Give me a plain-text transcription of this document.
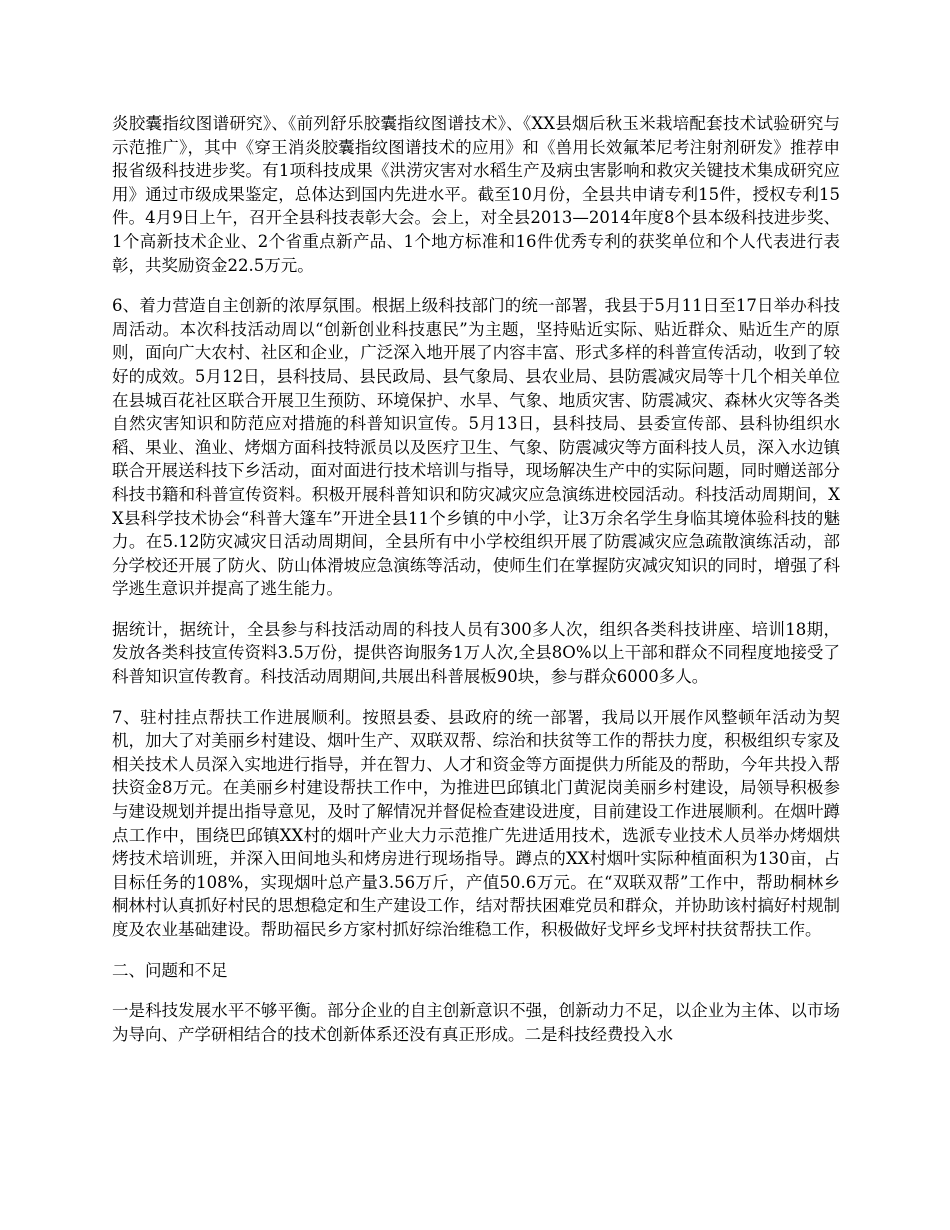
炎胶囊指纹图谱研究》、《前列舒乐胶囊指纹图谱技术》、《XX县烟后秋玉米栽培配套技术试验研究与示范推广》，其中《穿王消炎胶囊指纹图谱技术的应用》和《兽用长效氟苯尼考注射剂研发》推荐申报省级科技进步奖。有1项科技成果《洪涝灾害对水稻生产及病虫害影响和救灾关键技术集成研究应用》通过市级成果鉴定，总体达到国内先进水平。截至10月份，全县共申请专利15件，授权专利15件。4月9日上午，召开全县科技表彰大会。会上，对全县2013—2014年度8个县本级科技进步奖、1个高新技术企业、2个省重点新产品、1个地方标准和16件优秀专利的获奖单位和个人代表进行表彰，共奖励资金22.5万元。

6、着力营造自主创新的浓厚氛围。根据上级科技部门的统一部署，我县于5月11日至17日举办科技周活动。本次科技活动周以“创新创业科技惠民”为主题，坚持贴近实际、贴近群众、贴近生产的原则，面向广大农村、社区和企业，广泛深入地开展了内容丰富、形式多样的科普宣传活动，收到了较好的成效。5月12日，县科技局、县民政局、县气象局、县农业局、县防震减灾局等十几个相关单位在县城百花社区联合开展卫生预防、环境保护、水旱、气象、地质灾害、防震减灾、森林火灾等各类自然灾害知识和防范应对措施的科普知识宣传。5月13日，县科技局、县委宣传部、县科协组织水稻、果业、渔业、烤烟方面科技特派员以及医疗卫生、气象、防震减灾等方面科技人员，深入水边镇联合开展送科技下乡活动，面对面进行技术培训与指导，现场解决生产中的实际问题，同时赠送部分科技书籍和科普宣传资料。积极开展科普知识和防灾减灾应急演练进校园活动。科技活动周期间，XX县科学技术协会“科普大篷车”开进全县11个乡镇的中小学，让3万余名学生身临其境体验科技的魅力。在5.12防灾减灾日活动周期间，全县所有中小学校组织开展了防震减灾应急疏散演练活动，部分学校还开展了防火、防山体滑坡应急演练等活动，使师生们在掌握防灾减灾知识的同时，增强了科学逃生意识并提高了逃生能力。

据统计，据统计，全县参与科技活动周的科技人员有300多人次，组织各类科技讲座、培训18期，发放各类科技宣传资料3.5万份，提供咨询服务1万人次,全县8O%以上干部和群众不同程度地接受了科普知识宣传教育。科技活动周期间,共展出科普展板90块，参与群众6000多人。

7、驻村挂点帮扶工作进展顺利。按照县委、县政府的统一部署，我局以开展作风整顿年活动为契机，加大了对美丽乡村建设、烟叶生产、双联双帮、综治和扶贫等工作的帮扶力度，积极组织专家及相关技术人员深入实地进行指导，并在智力、人才和资金等方面提供力所能及的帮助，今年共投入帮扶资金8万元。在美丽乡村建设帮扶工作中，为推进巴邱镇北门黄泥岗美丽乡村建设，局领导积极参与建设规划并提出指导意见，及时了解情况并督促检查建设进度，目前建设工作进展顺利。在烟叶蹲点工作中，围绕巴邱镇XX村的烟叶产业大力示范推广先进适用技术，选派专业技术人员举办烤烟烘烤技术培训班，并深入田间地头和烤房进行现场指导。蹲点的XX村烟叶实际种植面积为130亩，占目标任务的108%，实现烟叶总产量3.56万斤，产值50.6万元。在“双联双帮”工作中，帮助桐林乡桐林村认真抓好村民的思想稳定和生产建设工作，结对帮扶困难党员和群众，并协助该村搞好村规制度及农业基础建设。帮助福民乡方家村抓好综治维稳工作，积极做好戈坪乡戈坪村扶贫帮扶工作。

二、问题和不足

一是科技发展水平不够平衡。部分企业的自主创新意识不强，创新动力不足，以企业为主体、以市场为导向、产学研相结合的技术创新体系还没有真正形成。二是科技经费投入水
